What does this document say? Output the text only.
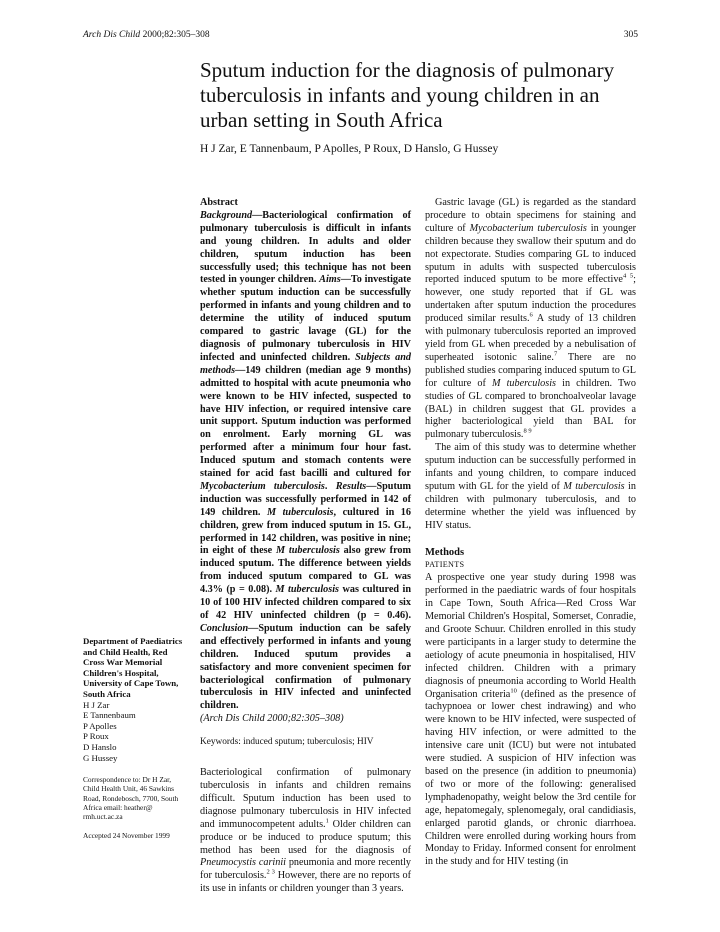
Arch Dis Child 2000;82:305–308	305
Sputum induction for the diagnosis of pulmonary tuberculosis in infants and young children in an urban setting in South Africa
H J Zar, E Tannenbaum, P Apolles, P Roux, D Hanslo, G Hussey
Department of Paediatrics and Child Health, Red Cross War Memorial Children's Hospital, University of Cape Town, South Africa
H J Zar
E Tannenbaum
P Apolles
P Roux
D Hanslo
G Hussey
Correspondence to: Dr H Zar, Child Health Unit, 46 Sawkins Road, Rondebosch, 7700, South Africa email: heather@ rmh.uct.ac.za
Accepted 24 November 1999
Abstract
Background—Bacteriological confirmation of pulmonary tuberculosis is difficult in infants and young children. In adults and older children, sputum induction has been successfully used; this technique has not been tested in younger children. Aims—To investigate whether sputum induction can be successfully performed in infants and young children and to determine the utility of induced sputum compared to gastric lavage (GL) for the diagnosis of pulmonary tuberculosis in HIV infected and uninfected children. Subjects and methods—149 children (median age 9 months) admitted to hospital with acute pneumonia who were known to be HIV infected, suspected to have HIV infection, or required intensive care unit support. Sputum induction was performed on enrolment. Early morning GL was performed after a minimum four hour fast. Induced sputum and stomach contents were stained for acid fast bacilli and cultured for Mycobacterium tuberculosis. Results—Sputum induction was successfully performed in 142 of 149 children. M tuberculosis, cultured in 16 children, grew from induced sputum in 15. GL, performed in 142 children, was positive in nine; in eight of these M tuberculosis also grew from induced sputum. The difference between yields from induced sputum compared to GL was 4.3% (p = 0.08). M tuberculosis was cultured in 10 of 100 HIV infected children compared to six of 42 HIV uninfected children (p = 0.46). Conclusion—Sputum induction can be safely and effectively performed in infants and young children. Induced sputum provides a satisfactory and more convenient specimen for bacteriological confirmation of pulmonary tuberculosis in HIV infected and uninfected children.
(Arch Dis Child 2000;82:305–308)
Keywords: induced sputum; tuberculosis; HIV

Bacteriological confirmation of pulmonary tuberculosis in infants and children remains difficult. Sputum induction has been used to diagnose pulmonary tuberculosis in HIV infected and immunocompetent adults.$^1$ Older children can produce or be induced to produce sputum; this method has been used for the diagnosis of Pneumocystis carinii pneumonia and more recently for tuberculosis.$^{2 3}$ However, there are no reports of its use in infants or children younger than 3 years.

Gastric lavage (GL) is regarded as the standard procedure to obtain specimens for staining and culture of Mycobacterium tuberculosis in younger children because they swallow their sputum and do not expectorate. Studies comparing GL to induced sputum in adults with suspected tuberculosis reported induced sputum to be more effective$^{4 5}$; however, one study reported that if GL was undertaken after sputum induction the procedures produced similar results.$^6$ A study of 13 children with pulmonary tuberculosis reported an improved yield from GL when preceded by a nebulisation of superheated isotonic saline.$^7$ There are no published studies comparing induced sputum to GL for culture of M tuberculosis in children. Two studies of GL compared to bronchoalveolar lavage (BAL) in children suggest that GL provides a higher bacteriological yield than BAL for pulmonary tuberculosis.$^{8 9}$

The aim of this study was to determine whether sputum induction can be successfully performed in infants and young children, to compare induced sputum with GL for the yield of M tuberculosis in children with pulmonary tuberculosis, and to determine whether the yield was influenced by HIV status.

Methods
PATIENTS

A prospective one year study during 1998 was performed in the paediatric wards of four hospitals in Cape Town, South Africa—Red Cross War Memorial Children's Hospital, Somerset, Conradie, and Groote Schuur. Children enrolled in this study were participants in a larger study to determine the aetiology of acute pneumonia in hospitalised, HIV infected children. Children with a primary diagnosis of pneumonia according to World Health Organisation criteria$^{10}$ (defined as the presence of tachypnoea or lower chest indrawing) and who were known to be HIV infected, were suspected of having HIV infection, or were admitted to the intensive care unit (ICU) but were not intubated were studied. A suspicion of HIV infection was based on the presence (in addition to pneumonia) of two or more of the following: generalised lymphadenopathy, weight below the 3rd centile for age, hepatomegaly, splenomegaly, oral candidiasis, enlarged parotid glands, or chronic diarrhoea. Children were enrolled during working hours from Monday to Friday. Informed consent for enrolment in the study and for HIV testing (in
